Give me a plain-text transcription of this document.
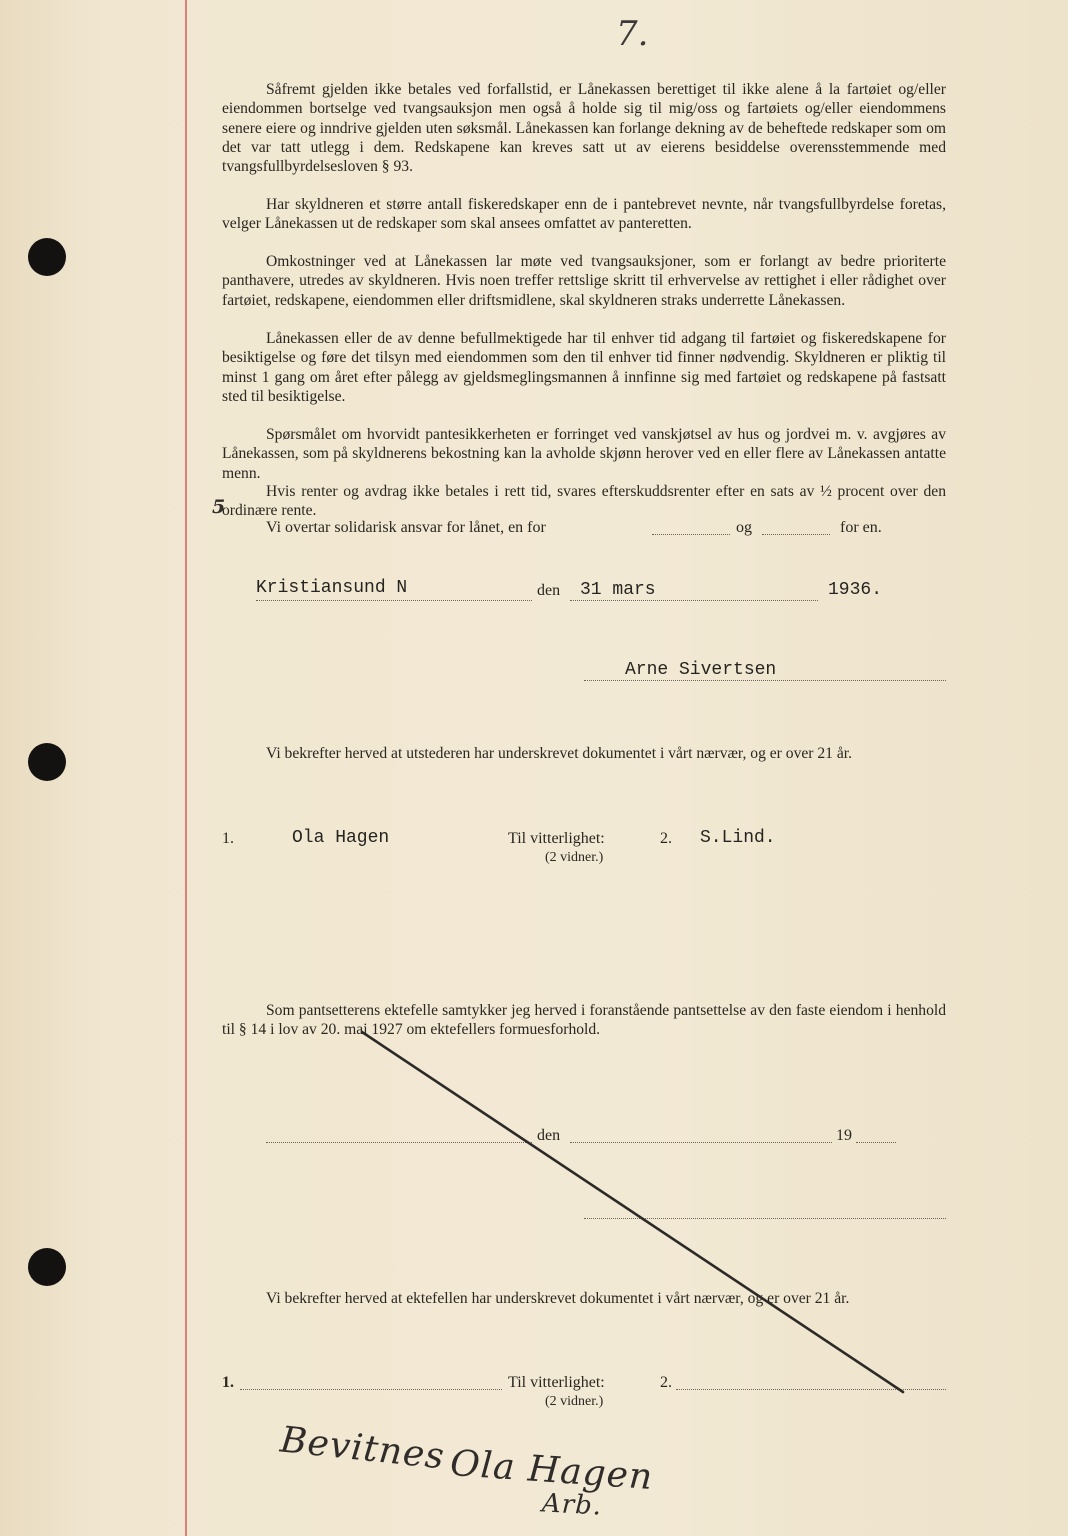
7.

Såfremt gjelden ikke betales ved forfallstid, er Lånekassen berettiget til ikke alene å la fartøiet og/eller eiendommen bortselge ved tvangsauksjon men også å holde sig til mig/oss og fartøiets og/eller eiendommens senere eiere og inndrive gjelden uten søksmål. Lånekassen kan forlange dekning av de beheftede redskaper som om det var tatt utlegg i dem. Redskapene kan kreves satt ut av eierens besiddelse overensstemmende med tvangsfullbyrdelsesloven § 93.

Har skyldneren et større antall fiskeredskaper enn de i pantebrevet nevnte, når tvangsfullbyrdelse foretas, velger Lånekassen ut de redskaper som skal ansees omfattet av panteretten.

Omkostninger ved at Lånekassen lar møte ved tvangsauksjoner, som er forlangt av bedre prioriterte panthavere, utredes av skyldneren. Hvis noen treffer rettslige skritt til erhvervelse av rettighet i eller rådighet over fartøiet, redskapene, eiendommen eller driftsmidlene, skal skyldneren straks underrette Lånekassen.

Lånekassen eller de av denne befullmektigede har til enhver tid adgang til fartøiet og fiskeredskapene for besiktigelse og føre det tilsyn med eiendommen som den til enhver tid finner nødvendig. Skyldneren er pliktig til minst 1 gang om året efter pålegg av gjeldsmeglingsmannen å innfinne sig med fartøiet og redskapene på fastsatt sted til besiktigelse.

Spørsmålet om hvorvidt pantesikkerheten er forringet ved vanskjøtsel av hus og jordvei m. v. avgjøres av Lånekassen, som på skyldnerens bekostning kan la avholde skjønn herover ved en eller flere av Lånekassen antatte menn.

Hvis renter og avdrag ikke betales i rett tid, svares efterskuddsrenter efter en sats av ½ procent over den ordinære rente.

5
Vi overtar solidarisk ansvar for lånet, en for	og	for en.
Kristiansund N	den 31 mars	1936.
Arne Sivertsen

Vi bekrefter herved at utstederen har underskrevet dokumentet i vårt nærvær, og er over 21 år.

1.	Ola Hagen	Til vitterlighet:	2. S.Lind.
(2 vidner.)

Som pantsetterens ektefelle samtykker jeg herved i foranstående pantsettelse av den faste eiendom i henhold til § 14 i lov av 20. mai 1927 om ektefellers formuesforhold.

den	19

Vi bekrefter herved at ektefellen har underskrevet dokumentet i vårt nærvær, og er over 21 år.

1.	Til vitterlighet:	2.
(2 vidner.)
Bevitnes Ola Hagen
Arb.
